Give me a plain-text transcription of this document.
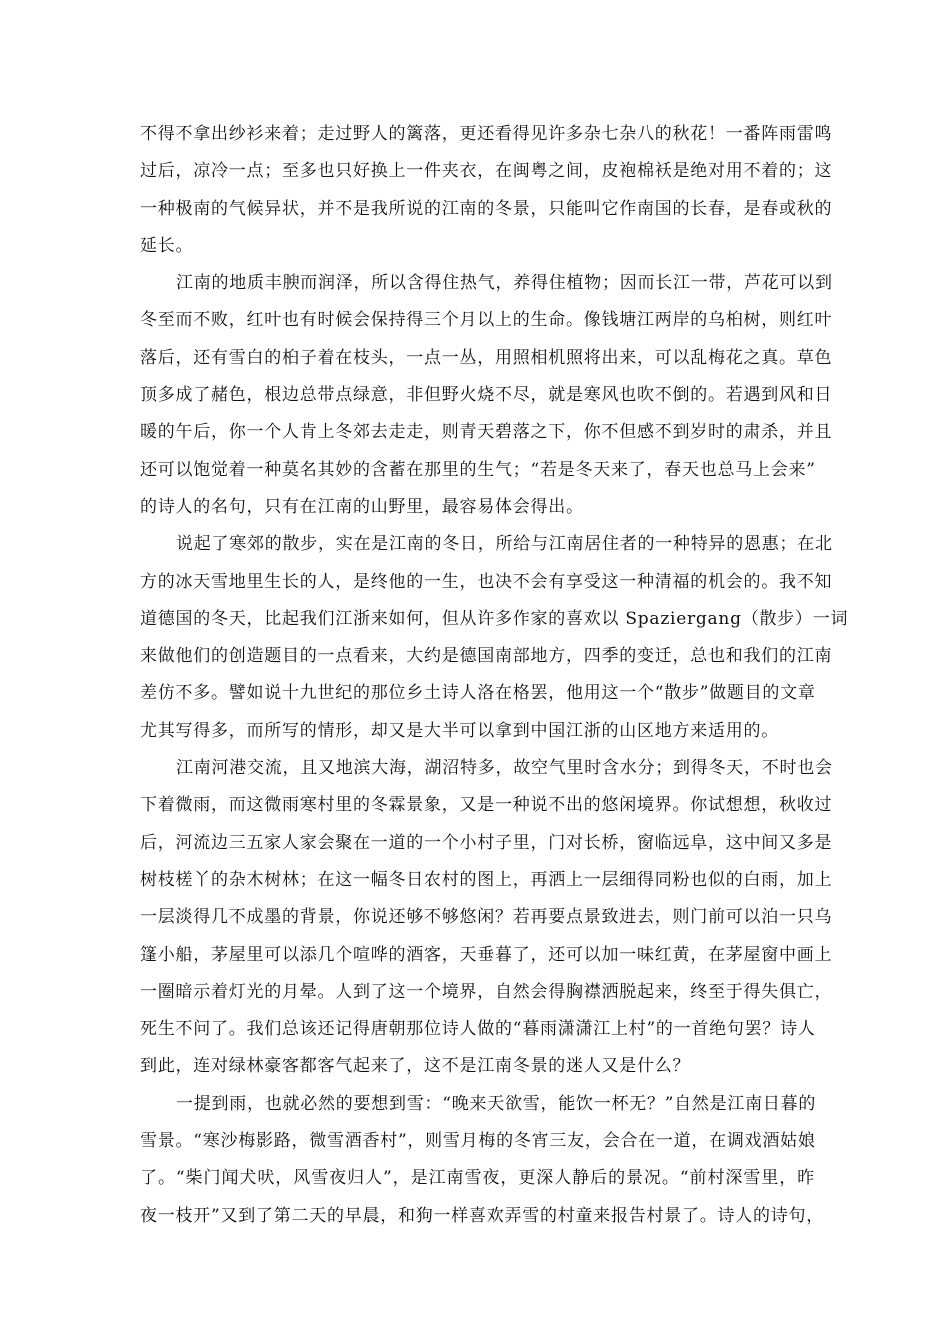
不得不拿出纱衫来着；走过野人的篱落，更还看得见许多杂七杂八的秋花！一番阵雨雷鸣
过后，凉冷一点；至多也只好换上一件夹衣，在闽粤之间，皮袍棉袄是绝对用不着的；这
一种极南的气候异状，并不是我所说的江南的冬景，只能叫它作南国的长春，是春或秋的
延长。
江南的地质丰腴而润泽，所以含得住热气，养得住植物；因而长江一带，芦花可以到
冬至而不败，红叶也有时候会保持得三个月以上的生命。像钱塘江两岸的乌桕树，则红叶
落后，还有雪白的桕子着在枝头，一点一丛，用照相机照将出来，可以乱梅花之真。草色
顶多成了赭色，根边总带点绿意，非但野火烧不尽，就是寒风也吹不倒的。若遇到风和日
暖的午后，你一个人肯上冬郊去走走，则青天碧落之下，你不但感不到岁时的肃杀，并且
还可以饱觉着一种莫名其妙的含蓄在那里的生气；“若是冬天来了，春天也总马上会来”
的诗人的名句，只有在江南的山野里，最容易体会得出。
说起了寒郊的散步，实在是江南的冬日，所给与江南居住者的一种特异的恩惠；在北
方的冰天雪地里生长的人，是终他的一生，也决不会有享受这一种清福的机会的。我不知
道德国的冬天，比起我们江浙来如何，但从许多作家的喜欢以 Spaziergang（散步）一词
来做他们的创造题目的一点看来，大约是德国南部地方，四季的变迁，总也和我们的江南
差仿不多。譬如说十九世纪的那位乡土诗人洛在格罢，他用这一个“散步”做题目的文章
尤其写得多，而所写的情形，却又是大半可以拿到中国江浙的山区地方来适用的。
江南河港交流，且又地滨大海，湖沼特多，故空气里时含水分；到得冬天，不时也会
下着微雨，而这微雨寒村里的冬霖景象，又是一种说不出的悠闲境界。你试想想，秋收过
后，河流边三五家人家会聚在一道的一个小村子里，门对长桥，窗临远阜，这中间又多是
树枝槎丫的杂木树林；在这一幅冬日农村的图上，再洒上一层细得同粉也似的白雨，加上
一层淡得几不成墨的背景，你说还够不够悠闲？若再要点景致进去，则门前可以泊一只乌
篷小船，茅屋里可以添几个喧哗的酒客，天垂暮了，还可以加一味红黄，在茅屋窗中画上
一圈暗示着灯光的月晕。人到了这一个境界，自然会得胸襟洒脱起来，终至于得失俱亡，
死生不问了。我们总该还记得唐朝那位诗人做的“暮雨潇潇江上村”的一首绝句罢？诗人
到此，连对绿林豪客都客气起来了，这不是江南冬景的迷人又是什么？
一提到雨，也就必然的要想到雪：“晚来天欲雪，能饮一杯无？”自然是江南日暮的
雪景。“寒沙梅影路，微雪酒香村”，则雪月梅的冬宵三友，会合在一道，在调戏酒姑娘
了。“柴门闻犬吠，风雪夜归人”，是江南雪夜，更深人静后的景况。“前村深雪里，昨
夜一枝开”又到了第二天的早晨，和狗一样喜欢弄雪的村童来报告村景了。诗人的诗句，
